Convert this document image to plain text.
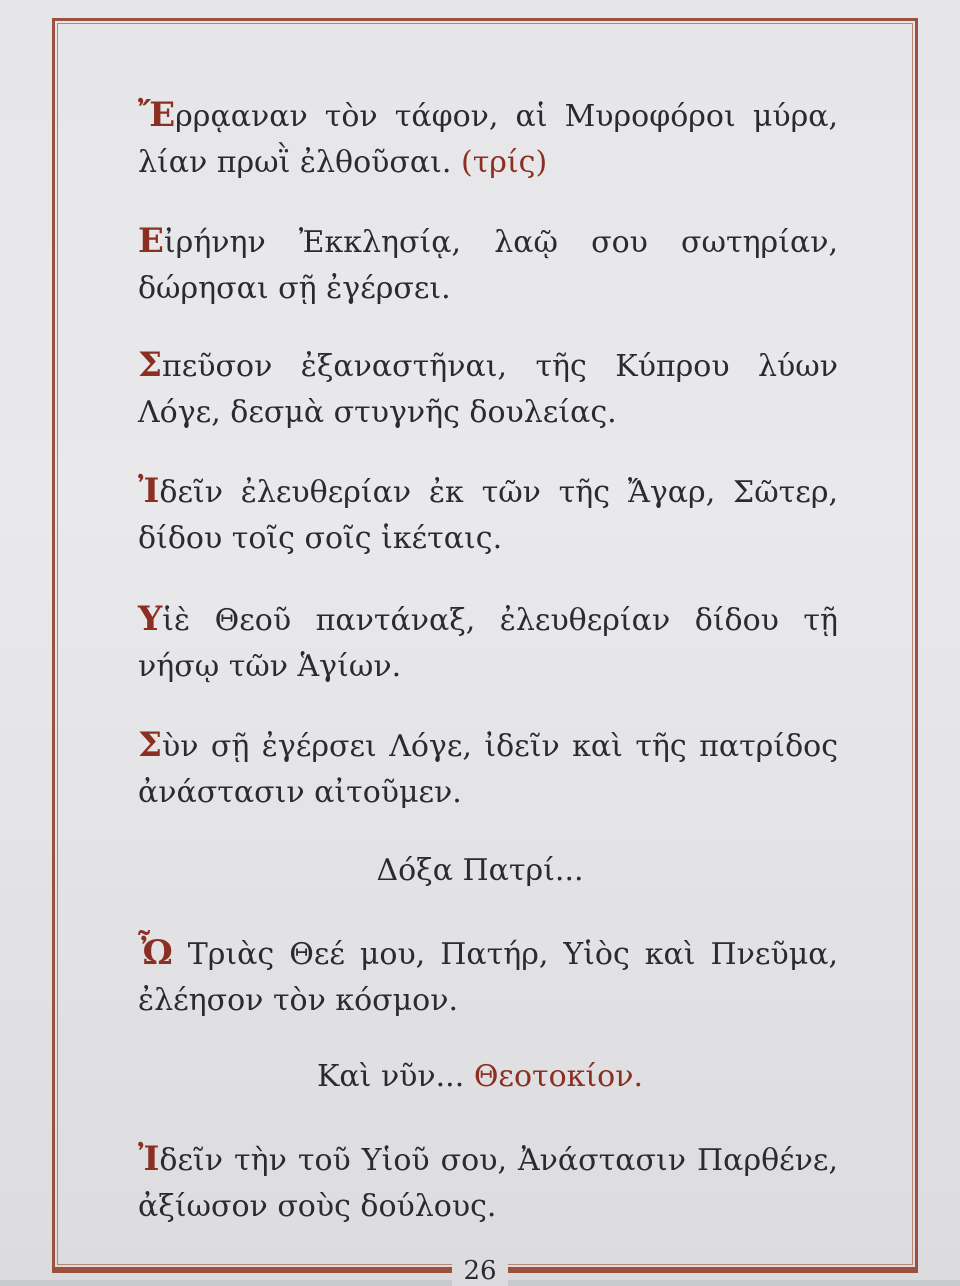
Ἔρρᾳαναν τὸν τάφον, αἱ Μυροφόροι μύρα,
λίαν πρωῒ ἐλθοῦσαι. (τρίς)
Εἰρήνην Ἐκκλησίᾳ, λαῷ σου σωτηρίαν,
δώρησαι σῇ ἐγέρσει.
Σπεῦσον ἐξαναστῆναι, τῆς Κύπρου λύων
Λόγε, δεσμὰ στυγνῆς δουλείας.
Ἰδεῖν ἐλευθερίαν ἐκ τῶν τῆς Ἄγαρ, Σῶτερ,
δίδου τοῖς σοῖς ἱκέταις.
Υἱὲ Θεοῦ παντάναξ, ἐλευθερίαν δίδου τῇ
νήσῳ τῶν Ἁγίων.
Σὺν σῇ ἐγέρσει Λόγε, ἰδεῖν καὶ τῆς πατρίδος
ἀνάστασιν αἰτοῦμεν.
Δόξα Πατρί...
Ὦ Τριὰς Θεέ μου, Πατήρ, Υἱὸς καὶ Πνεῦμα,
ἐλέησον τὸν κόσμον.
Καὶ νῦν... Θεοτοκίον.
Ἰδεῖν τὴν τοῦ Υἱοῦ σου, Ἀνάστασιν Παρθένε,
ἀξίωσον σοὺς δούλους.
26
